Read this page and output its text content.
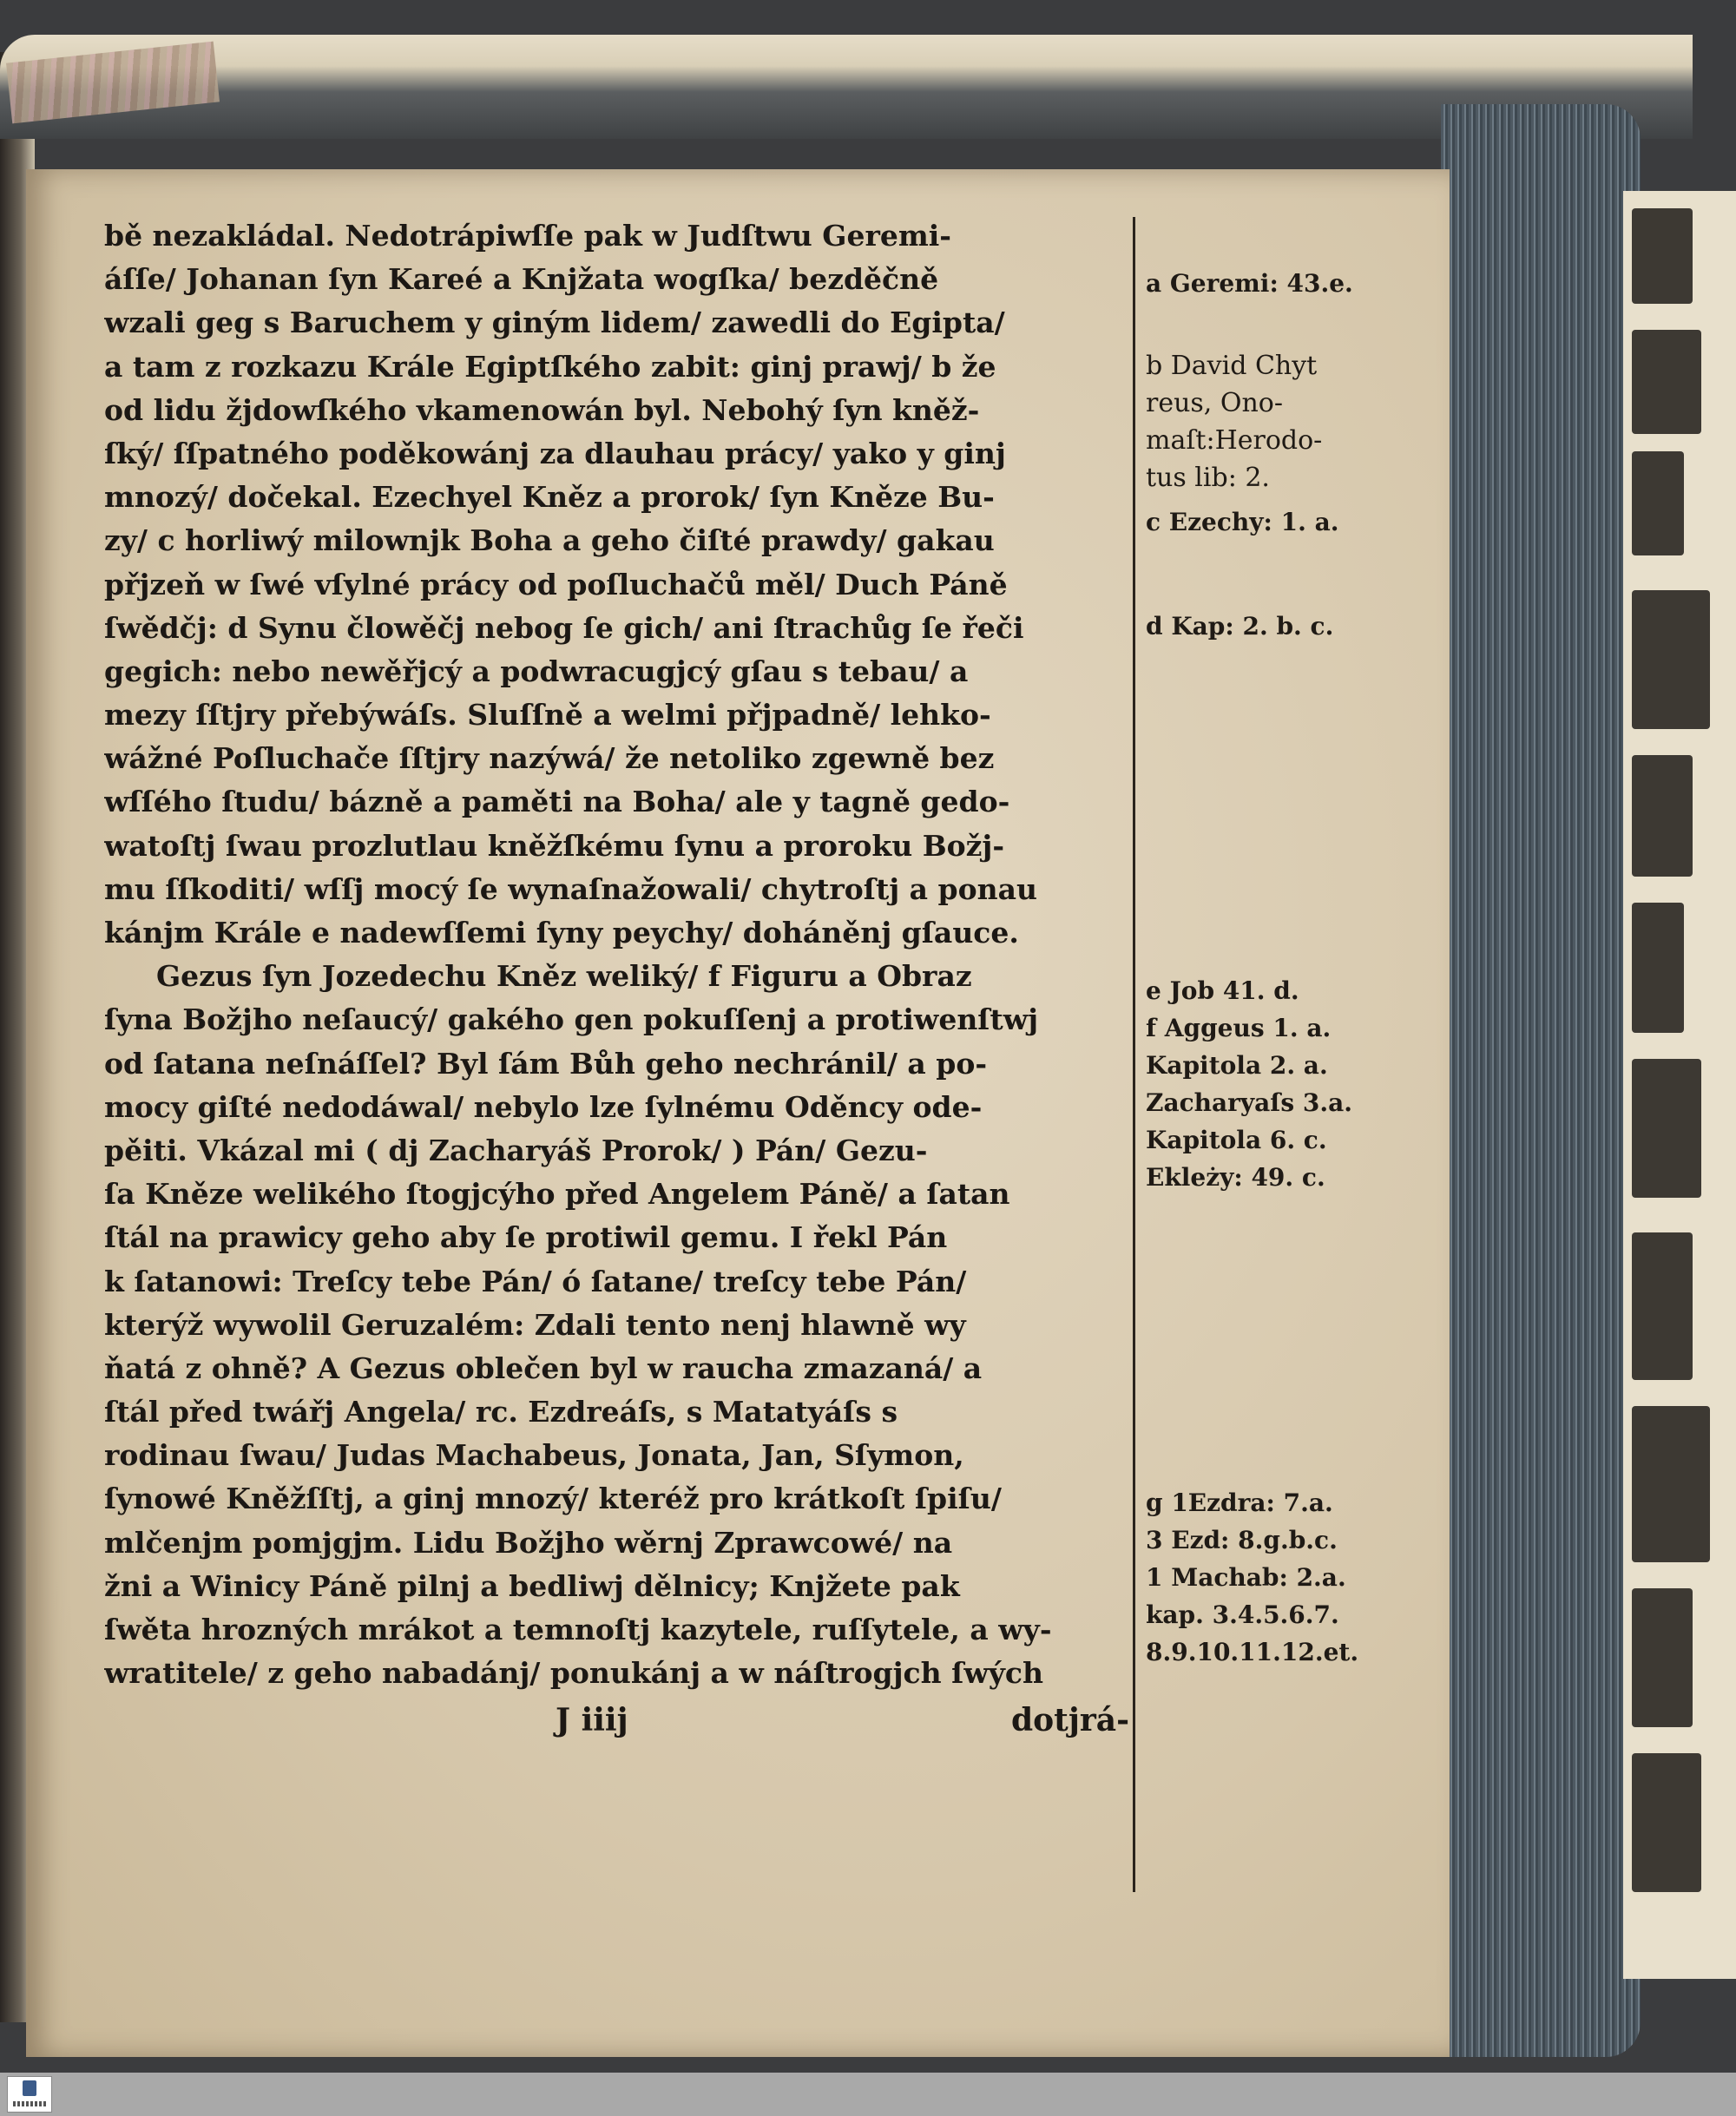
bě nezakládal. Nedotrápiwſſe pak w Judſtwu Geremi-
áſſe/ Johanan ſyn Kareé a Knjžata wogſka/ bezděčně
wzali geg s Baruchem y giným lidem/ zawedli do Egipta/
a tam z rozkazu Krále Egiptſkého zabit: ginj prawj/ b že
od lidu žjdowſkého vkamenowán byl. Nebohý ſyn kněž-
ſký/ ſſpatného poděkowánj za dlauhau prácy/ yako y ginj
mnozý/ dočekal. Ezechyel Kněz a prorok/ ſyn Kněze Bu-
zy/ c horliwý milownjk Boha a geho čiſté prawdy/ gakau
přjzeň w ſwé vſylné prácy od poſluchačů měl/ Duch Páně
ſwědčj: d Synu člowěčj nebog ſe gich/ ani ſtrachůg ſe řeči
gegich: nebo newěřjcý a podwracugjcý gſau s tebau/ a
mezy ſſtjry přebýwáſs. Sluſſně a welmi přjpadně/ lehko-
wážné Poſluchače ſſtjry nazýwá/ že netoliko zgewně bez
wſſého ſtudu/ bázně a paměti na Boha/ ale y tagně gedo-
watoſtj ſwau prozlutlau kněžſkému ſynu a proroku Božj-
mu ſſkoditi/ wſſj mocý ſe wynaſnažowali/ chytroſtj a ponau
kánjm Krále e nadewſſemi ſyny peychy/ doháněnj gſauce.
Gezus ſyn Jozedechu Kněz weliký/ f Figuru a Obraz
ſyna Božjho neſaucý/ gakého gen pokuſſenj a protiwenſtwj
od ſatana neſnáſſel? Byl ſám Bůh geho nechránil/ a po-
mocy giſté nedodáwal/ nebylo lze ſylnému Oděncy ode-
pěiti. Vkázal mi ( dj Zacharyáš Prorok/ ) Pán/ Gezu-
ſa Kněze welikého ſtogjcýho před Angelem Páně/ a ſatan
ſtál na prawicy geho aby ſe protiwil gemu. I řekl Pán
k ſatanowi: Treſcy tebe Pán/ ó ſatane/ treſcy tebe Pán/
kterýž wywolil Geruzalém: Zdali tento nenj hlawně wy
ňatá z ohně? A Gezus oblečen byl w raucha zmazaná/ a
ſtál před twářj Angela/ rc. Ezdreáſs, s Matatyáſs s
rodinau ſwau/ Judas Machabeus, Jonata, Jan, Sſymon,
ſynowé Kněžſſtj, a ginj mnozý/ kteréž pro krátkoſt ſpiſu/
mlčenjm pomjgjm. Lidu Božjho wěrnj Zprawcowé/ na
žni a Winicy Páně pilnj a bedliwj dělnicy; Knjžete pak
ſwěta hrozných mrákot a temnoſtj kazytele, ruſſytele, a wy-
wratitele/ z geho nabadánj/ ponukánj a w náſtrogjch ſwých
J iiij	dotjrá-
a Geremi: 43.e.
b David Chyt
reus, Ono-
maſt:Herodo-
tus lib: 2.
c Ezechy: 1. a.
d Kap: 2. b. c.
e Job 41. d.
f Aggeus 1. a.
Kapitola 2. a.
Zacharyaſs 3.a.
Kapitola 6. c.
Ekleży: 49. c.
g 1Ezdra: 7.a.
3 Ezd: 8.g.b.c.
1 Machab: 2.a.
kap. 3.4.5.6.7.
8.9.10.11.12.et.
